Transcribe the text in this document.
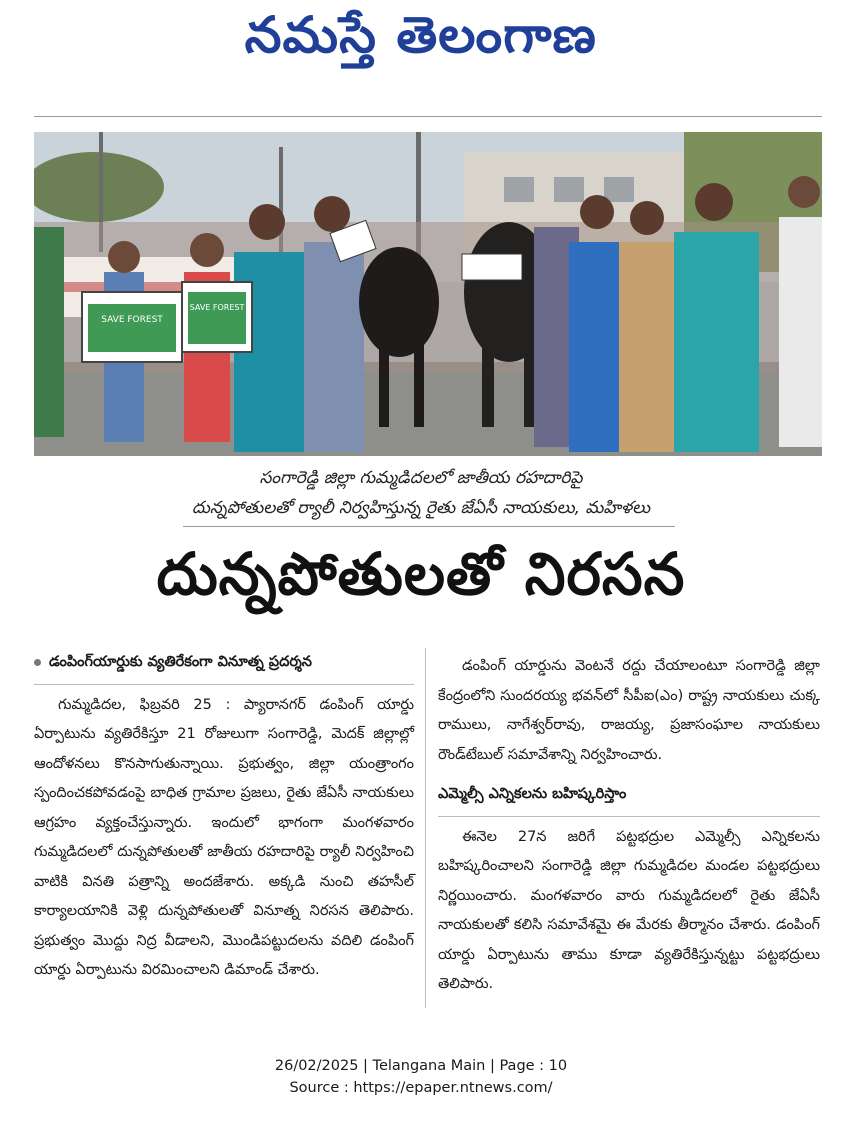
నమస్తే తెలంగాణ
SAVE FOREST
SAVE FOREST
సంగారెడ్డి జిల్లా గుమ్మడిదలలో జాతీయ రహదారిపై
దున్నపోతులతో ర్యాలీ నిర్వహిస్తున్న రైతు జేఏసీ నాయకులు, మహిళలు
దున్నపోతులతో నిరసన
డంపింగ్‌యార్డుకు వ్యతిరేకంగా వినూత్న ప్రదర్శన

గుమ్మడిదల, ఫిబ్రవరి 25 : ప్యారానగర్ డంపింగ్ యార్డు ఏర్పాటును వ్యతిరేకిస్తూ 21 రోజులుగా సంగారెడ్డి, మెదక్ జిల్లాల్లో ఆందోళనలు కొనసాగుతున్నాయి. ప్రభుత్వం, జిల్లా యంత్రాంగం స్పందించకపోవడంపై బాధిత గ్రామాల ప్రజలు, రైతు జేఏసీ నాయకులు ఆగ్రహం వ్యక్తంచేస్తున్నారు. ఇందులో భాగంగా మంగళవారం గుమ్మడిదలలో దున్నపోతులతో జాతీయ రహదారిపై ర్యాలీ నిర్వహించి వాటికి వినతి పత్రాన్ని అందజేశారు. అక్కడి నుంచి తహసీల్ కార్యాలయానికి వెళ్లి దున్నపోతులతో వినూత్న నిరసన తెలిపారు. ప్రభుత్వం మొద్దు నిద్ర వీడాలని, మొండిపట్టుదలను వదిలి డంపింగ్ యార్డు ఏర్పాటును విరమించాలని డిమాండ్ చేశారు.

డంపింగ్ యార్డును వెంటనే రద్దు చేయాలంటూ సంగారెడ్డి జిల్లా కేంద్రంలోని సుందరయ్య భవన్‌లో సీపీఐ(ఎం) రాష్ట్ర నాయకులు చుక్క రాములు, నాగేశ్వర్‌రావు, రాజయ్య, ప్రజాసంఘాల నాయకులు రౌండ్‌టేబుల్ సమావేశాన్ని నిర్వహించారు.

ఎమ్మెల్సీ ఎన్నికలను బహిష్కరిస్తాం

ఈనెల 27న జరిగే పట్టభద్రుల ఎమ్మెల్సీ ఎన్నికలను బహిష్కరించాలని సంగారెడ్డి జిల్లా గుమ్మడిదల మండల పట్టభద్రులు నిర్ణయించారు. మంగళవారం వారు గుమ్మడిదలలో రైతు జేఏసీ నాయకులతో కలిసి సమావేశమై ఈ మేరకు తీర్మానం చేశారు. డంపింగ్ యార్డు ఏర్పాటును తాము కూడా వ్యతిరేకిస్తున్నట్టు పట్టభద్రులు తెలిపారు.

26/02/2025 | Telangana Main | Page : 10
Source : https://epaper.ntnews.com/
